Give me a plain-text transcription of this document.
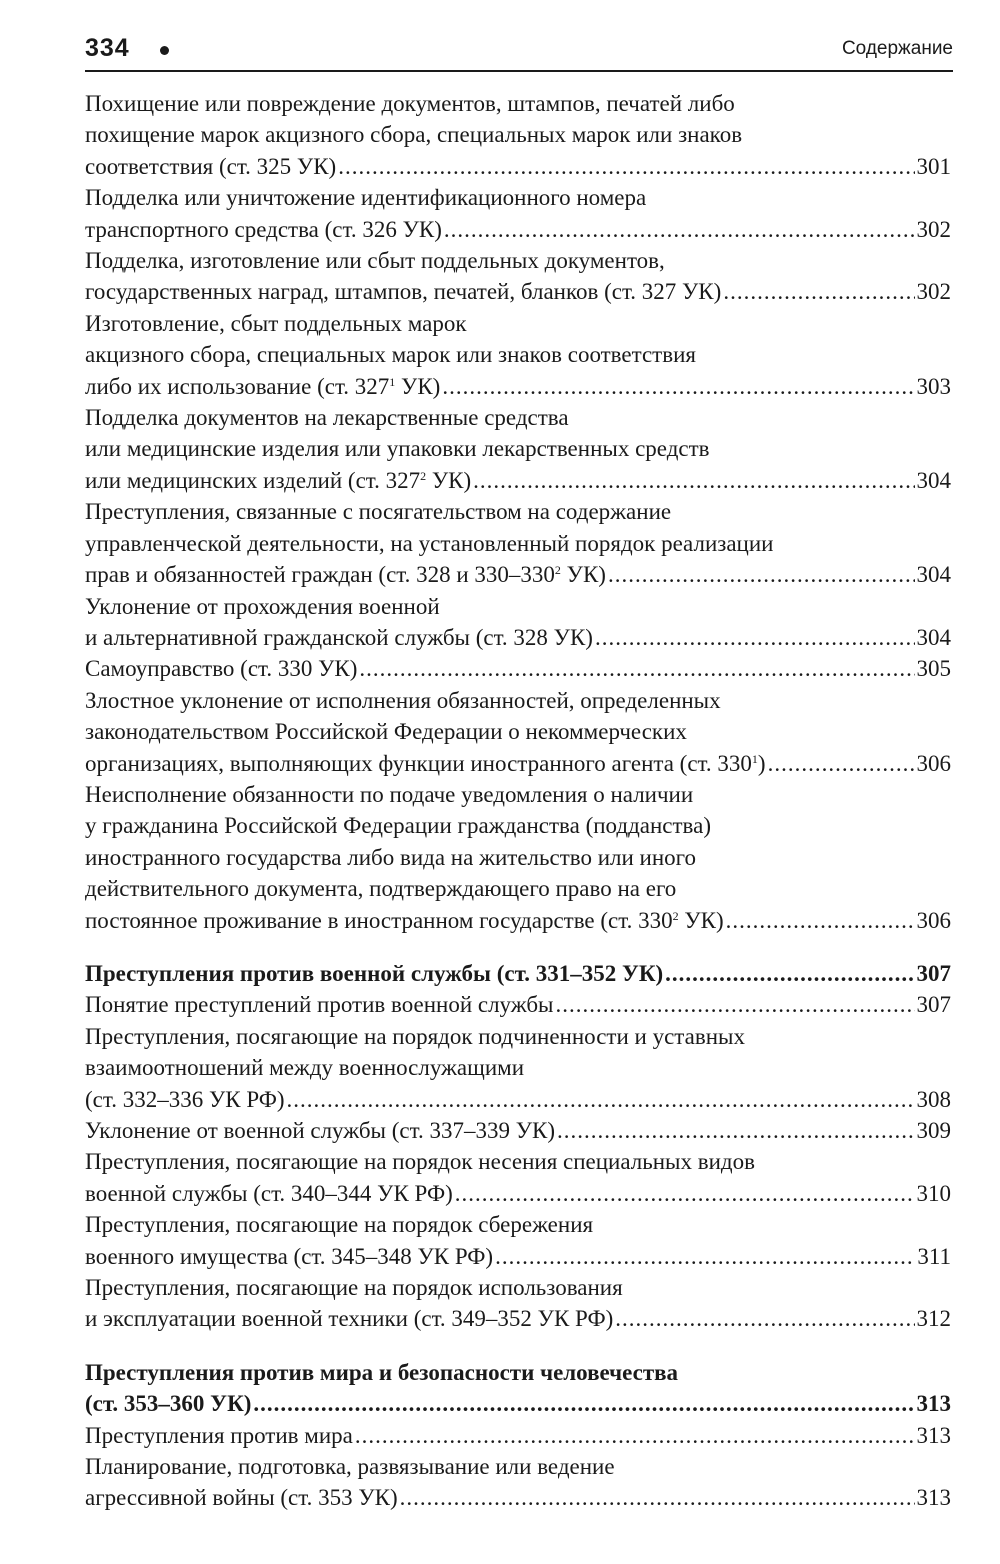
334	Содержание
Похищение или повреждение документов, штампов, печатей либо
похищение марок акцизного сбора, специальных марок или знаков
соответствия (ст. 325 УК) .....	301
Подделка или уничтожение идентификационного номера
транспортного средства (ст. 326 УК) .....	302
Подделка, изготовление или сбыт поддельных документов,
государственных наград, штампов, печатей, бланков (ст. 327 УК) .....	302
Изготовление, сбыт поддельных марок
акцизного сбора, специальных марок или знаков соответствия
либо их использование (ст. $327^1$ УК) .....	303
Подделка документов на лекарственные средства
или медицинские изделия или упаковки лекарственных средств
или медицинских изделий (ст. $327^2$ УК) .....	304
Преступления, связанные с посягательством на содержание
управленческой деятельности, на установленный порядок реализации
прав и обязанностей граждан (ст. 328 и $330-330^2$ УК) .....	304
Уклонение от прохождения военной
и альтернативной гражданской службы (ст. 328 УК) .....	304
Самоуправство (ст. 330 УК) .....	305
Злостное уклонение от исполнения обязанностей, определенных
законодательством Российской Федерации о некоммерческих
организациях, выполняющих функции иностранного агента (ст. $330^1$) .....	306
Неисполнение обязанности по подаче уведомления о наличии
у гражданина Российской Федерации гражданства (подданства)
иностранного государства либо вида на жительство или иного
действительного документа, подтверждающего право на его
постоянное проживание в иностранном государстве (ст. $330^2$ УК) .....	306
Преступления против военной службы (ст. 331–352 УК) .....	307
Понятие преступлений против военной службы .....	307
Преступления, посягающие на порядок подчиненности и уставных
взаимоотношений между военнослужащими
(ст. 332–336 УК РФ) .....	308
Уклонение от военной службы (ст. 337–339 УК) .....	309
Преступления, посягающие на порядок несения специальных видов
военной службы (ст. 340–344 УК РФ) .....	310
Преступления, посягающие на порядок сбережения
военного имущества (ст. 345–348 УК РФ) .....	311
Преступления, посягающие на порядок использования
и эксплуатации военной техники (ст. 349–352 УК РФ) .....	312
Преступления против мира и безопасности человечества
(ст. 353–360 УК) .....	313
Преступления против мира .....	313
Планирование, подготовка, развязывание или ведение
агрессивной войны (ст. 353 УК) .....	313
